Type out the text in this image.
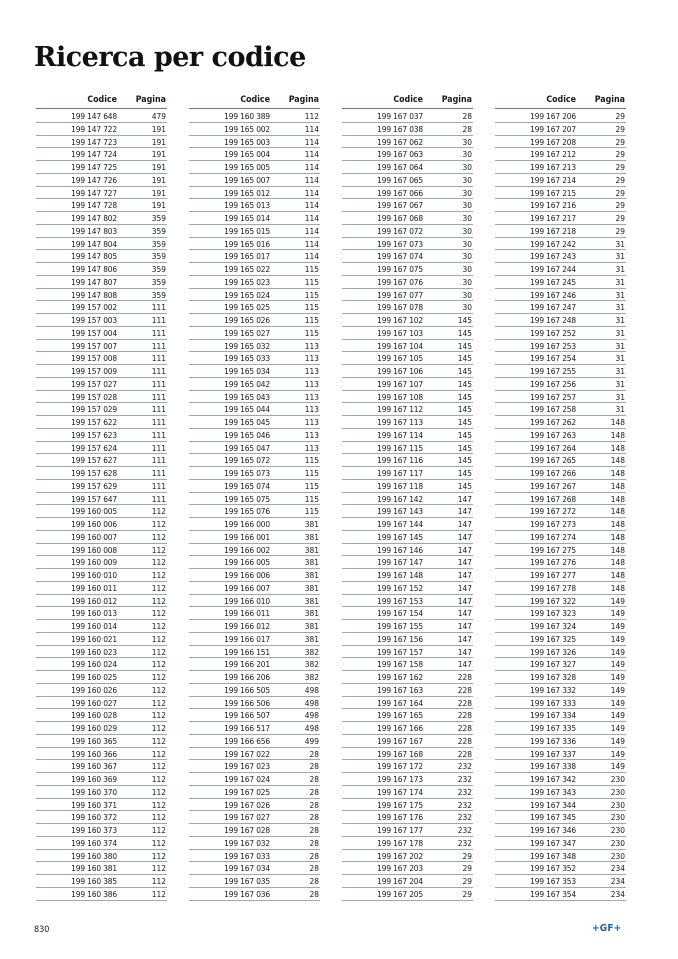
Ricerca per codice
Codice	Pagina
199 147 648	479
199 147 722	191
199 147 723	191
199 147 724	191
199 147 725	191
199 147 726	191
199 147 727	191
199 147 728	191
199 147 802	359
199 147 803	359
199 147 804	359
199 147 805	359
199 147 806	359
199 147 807	359
199 147 808	359
199 157 002	111
199 157 003	111
199 157 004	111
199 157 007	111
199 157 008	111
199 157 009	111
199 157 027	111
199 157 028	111
199 157 029	111
199 157 622	111
199 157 623	111
199 157 624	111
199 157 627	111
199 157 628	111
199 157 629	111
199 157 647	111
199 160 005	112
199 160 006	112
199 160 007	112
199 160 008	112
199 160 009	112
199 160 010	112
199 160 011	112
199 160 012	112
199 160 013	112
199 160 014	112
199 160 021	112
199 160 023	112
199 160 024	112
199 160 025	112
199 160 026	112
199 160 027	112
199 160 028	112
199 160 029	112
199 160 365	112
199 160 366	112
199 160 367	112
199 160 369	112
199 160 370	112
199 160 371	112
199 160 372	112
199 160 373	112
199 160 374	112
199 160 380	112
199 160 381	112
199 160 385	112
199 160 386	112
Codice	Pagina
199 160 389	112
199 165 002	114
199 165 003	114
199 165 004	114
199 165 005	114
199 165 007	114
199 165 012	114
199 165 013	114
199 165 014	114
199 165 015	114
199 165 016	114
199 165 017	114
199 165 022	115
199 165 023	115
199 165 024	115
199 165 025	115
199 165 026	115
199 165 027	115
199 165 032	113
199 165 033	113
199 165 034	113
199 165 042	113
199 165 043	113
199 165 044	113
199 165 045	113
199 165 046	113
199 165 047	113
199 165 072	115
199 165 073	115
199 165 074	115
199 165 075	115
199 165 076	115
199 166 000	381
199 166 001	381
199 166 002	381
199 166 005	381
199 166 006	381
199 166 007	381
199 166 010	381
199 166 011	381
199 166 012	381
199 166 017	381
199 166 151	382
199 166 201	382
199 166 206	382
199 166 505	498
199 166 506	498
199 166 507	498
199 166 517	498
199 166 656	499
199 167 022	28
199 167 023	28
199 167 024	28
199 167 025	28
199 167 026	28
199 167 027	28
199 167 028	28
199 167 032	28
199 167 033	28
199 167 034	28
199 167 035	28
199 167 036	28
Codice	Pagina
199 167 037	28
199 167 038	28
199 167 062	30
199 167 063	30
199 167 064	30
199 167 065	30
199 167 066	30
199 167 067	30
199 167 068	30
199 167 072	30
199 167 073	30
199 167 074	30
199 167 075	30
199 167 076	30
199 167 077	30
199 167 078	30
199 167 102	145
199 167 103	145
199 167 104	145
199 167 105	145
199 167 106	145
199 167 107	145
199 167 108	145
199 167 112	145
199 167 113	145
199 167 114	145
199 167 115	145
199 167 116	145
199 167 117	145
199 167 118	145
199 167 142	147
199 167 143	147
199 167 144	147
199 167 145	147
199 167 146	147
199 167 147	147
199 167 148	147
199 167 152	147
199 167 153	147
199 167 154	147
199 167 155	147
199 167 156	147
199 167 157	147
199 167 158	147
199 167 162	228
199 167 163	228
199 167 164	228
199 167 165	228
199 167 166	228
199 167 167	228
199 167 168	228
199 167 172	232
199 167 173	232
199 167 174	232
199 167 175	232
199 167 176	232
199 167 177	232
199 167 178	232
199 167 202	29
199 167 203	29
199 167 204	29
199 167 205	29
Codice	Pagina
199 167 206	29
199 167 207	29
199 167 208	29
199 167 212	29
199 167 213	29
199 167 214	29
199 167 215	29
199 167 216	29
199 167 217	29
199 167 218	29
199 167 242	31
199 167 243	31
199 167 244	31
199 167 245	31
199 167 246	31
199 167 247	31
199 167 248	31
199 167 252	31
199 167 253	31
199 167 254	31
199 167 255	31
199 167 256	31
199 167 257	31
199 167 258	31
199 167 262	148
199 167 263	148
199 167 264	148
199 167 265	148
199 167 266	148
199 167 267	148
199 167 268	148
199 167 272	148
199 167 273	148
199 167 274	148
199 167 275	148
199 167 276	148
199 167 277	148
199 167 278	148
199 167 322	149
199 167 323	149
199 167 324	149
199 167 325	149
199 167 326	149
199 167 327	149
199 167 328	149
199 167 332	149
199 167 333	149
199 167 334	149
199 167 335	149
199 167 336	149
199 167 337	149
199 167 338	149
199 167 342	230
199 167 343	230
199 167 344	230
199 167 345	230
199 167 346	230
199 167 347	230
199 167 348	230
199 167 352	234
199 167 353	234
199 167 354	234
830	+GF+
